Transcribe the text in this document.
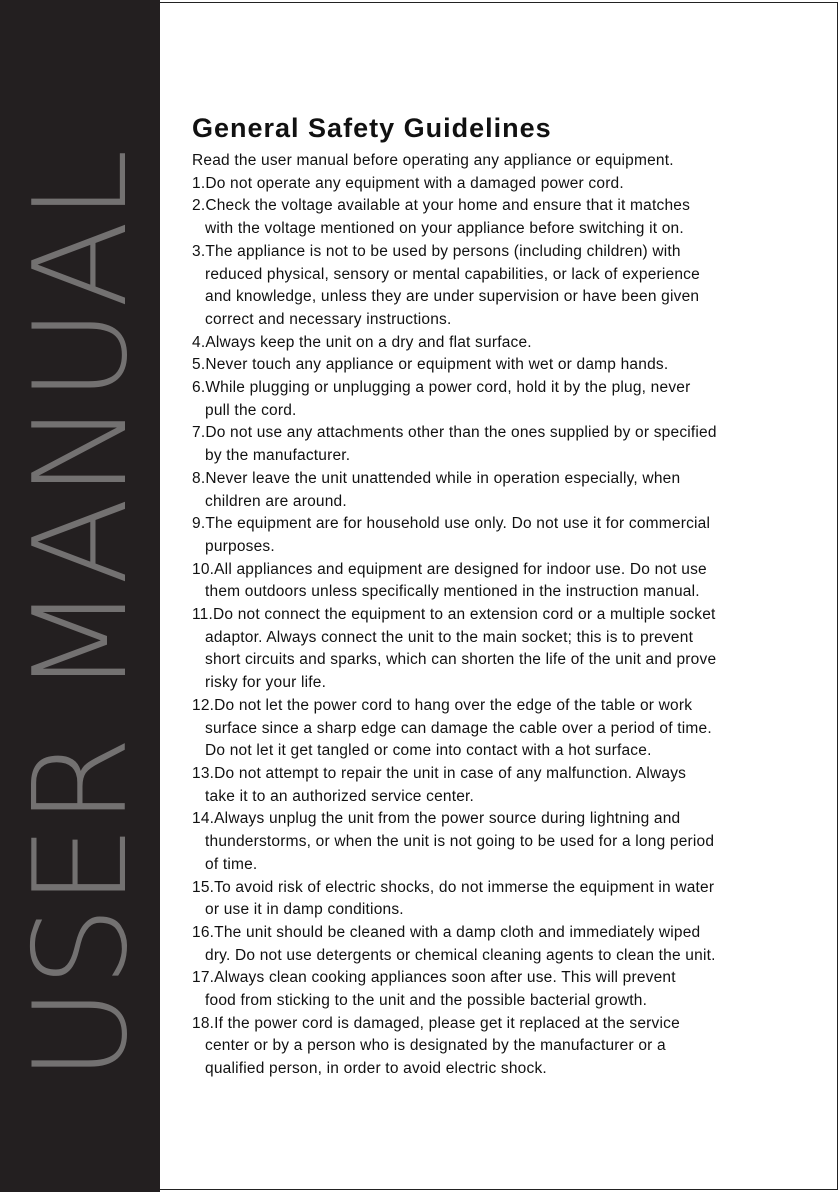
USER MANUAL
General Safety Guidelines

Read the user manual before operating any appliance or equipment.

1.Do not operate any equipment with a damaged power cord.
2.Check the voltage available at your home and ensure that it matches
with the voltage mentioned on your appliance before switching it on.
3.The appliance is not to be used by persons (including children) with
reduced physical, sensory or mental capabilities, or lack of experience
and knowledge, unless they are under supervision or have been given
correct and necessary instructions.
4.Always keep the unit on a dry and flat surface.
5.Never touch any appliance or equipment with wet or damp hands.
6.While plugging or unplugging a power cord, hold it by the plug, never
pull the cord.
7.Do not use any attachments other than the ones supplied by or specified
by the manufacturer.
8.Never leave the unit unattended while in operation especially, when
children are around.
9.The equipment are for household use only. Do not use it for commercial
purposes.
10.All appliances and equipment are designed for indoor use. Do not use
them outdoors unless specifically mentioned in the instruction manual.
11.Do not connect the equipment to an extension cord or a multiple socket
adaptor. Always connect the unit to the main socket; this is to prevent
short circuits and sparks, which can shorten the life of the unit and prove
risky for your life.
12.Do not let the power cord to hang over the edge of the table or work
surface since a sharp edge can damage the cable over a period of time.
Do not let it get tangled or come into contact with a hot surface.
13.Do not attempt to repair the unit in case of any malfunction. Always
take it to an authorized service center.
14.Always unplug the unit from the power source during lightning and
thunderstorms, or when the unit is not going to be used for a long period
of time.
15.To avoid risk of electric shocks, do not immerse the equipment in water
or use it in damp conditions.
16.The unit should be cleaned with a damp cloth and immediately wiped
dry. Do not use detergents or chemical cleaning agents to clean the unit.
17.Always clean cooking appliances soon after use. This will prevent
food from sticking to the unit and the possible bacterial growth.
18.If the power cord is damaged, please get it replaced at the service
center or by a person who is designated by the manufacturer or a
qualified person, in order to avoid electric shock.
